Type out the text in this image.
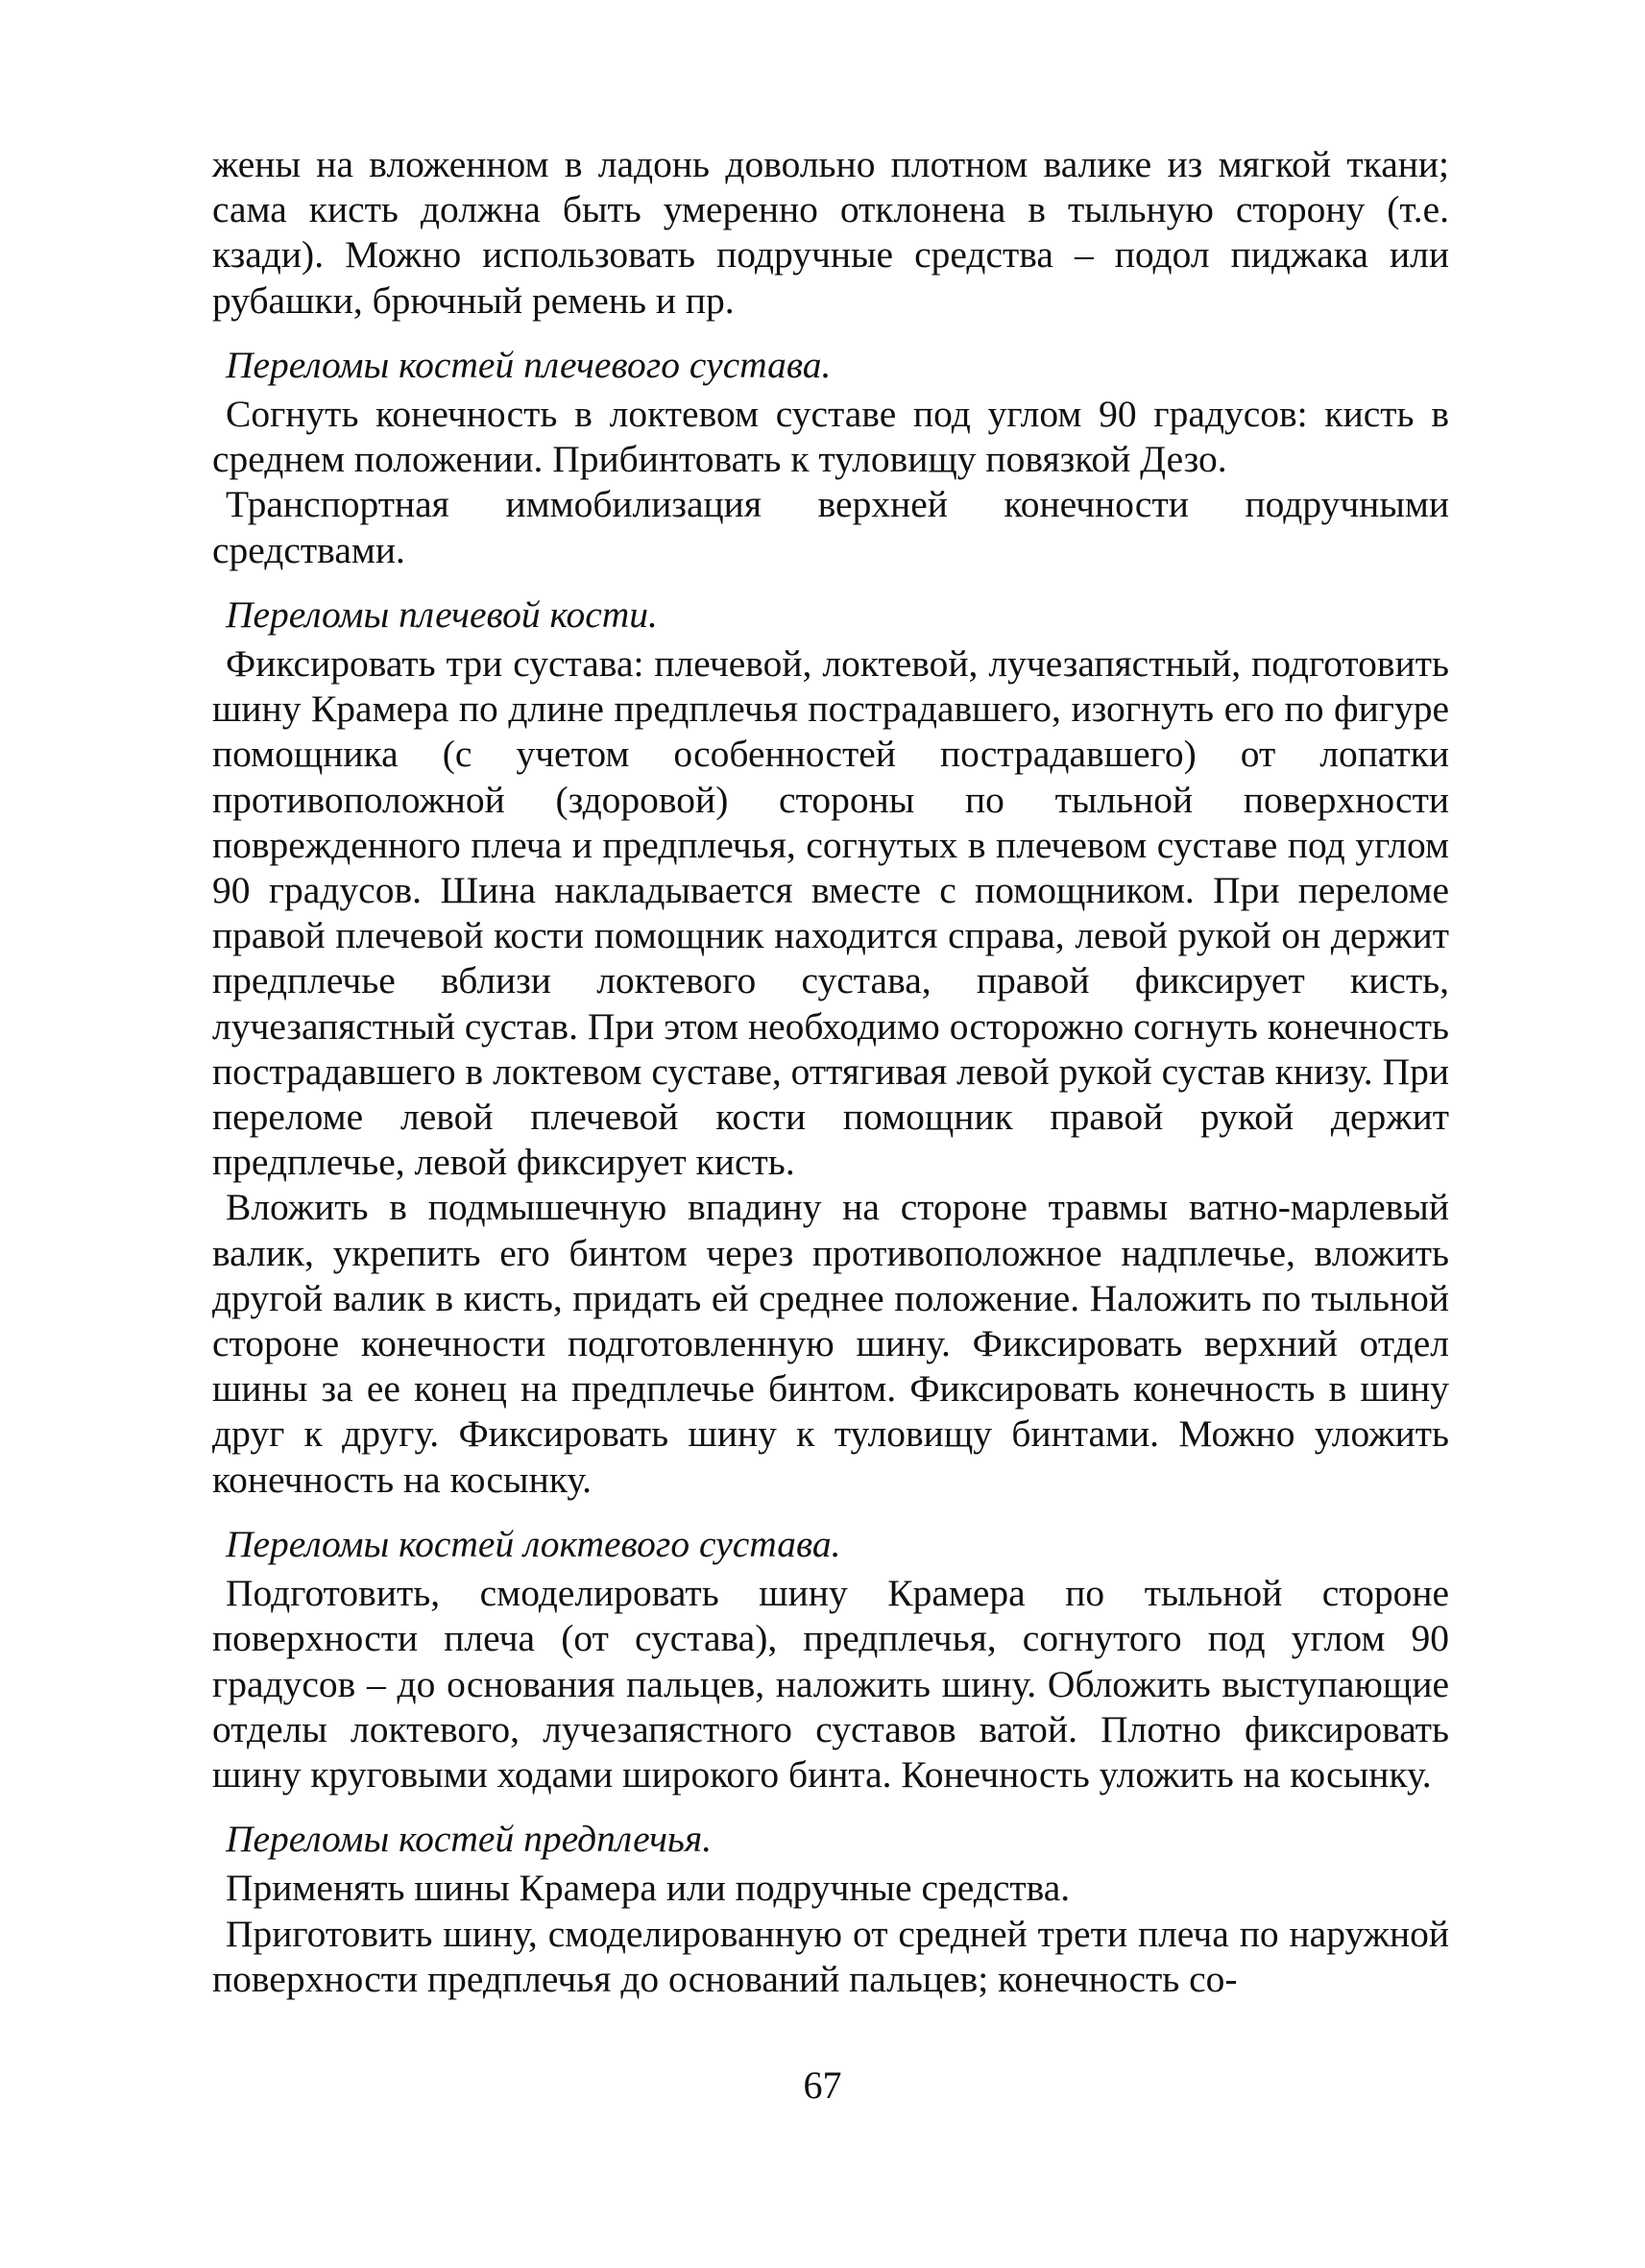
жены на вложенном в ладонь довольно плотном валике из мягкой ткани; сама кисть должна быть умеренно отклонена в тыльную сторону (т.е. кзади). Можно использовать подручные средства – подол пиджака или рубашки, брючный ремень и пр.

Переломы костей плечевого сустава.

Согнуть конечность в локтевом суставе под углом 90 градусов: кисть в среднем положении. Прибинтовать к туловищу повязкой Дезо.

Транспортная иммобилизация верхней конечности подручными средствами.

Переломы плечевой кости.

Фиксировать три сустава: плечевой, локтевой, лучезапястный, подготовить шину Крамера по длине предплечья пострадавшего, изогнуть его по фигуре помощника (с учетом особенностей пострадавшего) от лопатки противоположной (здоровой) стороны по тыльной поверхности поврежденного плеча и предплечья, согнутых в плечевом суставе под углом 90 градусов. Шина накладывается вместе с помощником. При переломе правой плечевой кости помощник находится справа, левой рукой он держит предплечье вблизи локтевого сустава, правой фиксирует кисть, лучезапястный сустав. При этом необходимо осторожно согнуть конечность пострадавшего в локтевом суставе, оттягивая левой рукой сустав книзу. При переломе левой плечевой кости помощник правой рукой держит предплечье, левой фиксирует кисть.

Вложить в подмышечную впадину на стороне травмы ватно-марлевый валик, укрепить его бинтом через противоположное надплечье, вложить другой валик в кисть, придать ей среднее положение. Наложить по тыльной стороне конечности подготовленную шину. Фиксировать верхний отдел шины за ее конец на предплечье бинтом. Фиксировать конечность в шину друг к другу. Фиксировать шину к туловищу бинтами. Можно уложить конечность на косынку.

Переломы костей локтевого сустава.

Подготовить, смоделировать шину Крамера по тыльной стороне поверхности плеча (от сустава), предплечья, согнутого под углом 90 градусов – до основания пальцев, наложить шину. Обложить выступающие отделы локтевого, лучезапястного суставов ватой. Плотно фиксировать шину круговыми ходами широкого бинта. Конечность уложить на косынку.

Переломы костей предплечья.

Применять шины Крамера или подручные средства.

Приготовить шину, смоделированную от средней трети плеча по наружной поверхности предплечья до оснований пальцев; конечность со-

67
